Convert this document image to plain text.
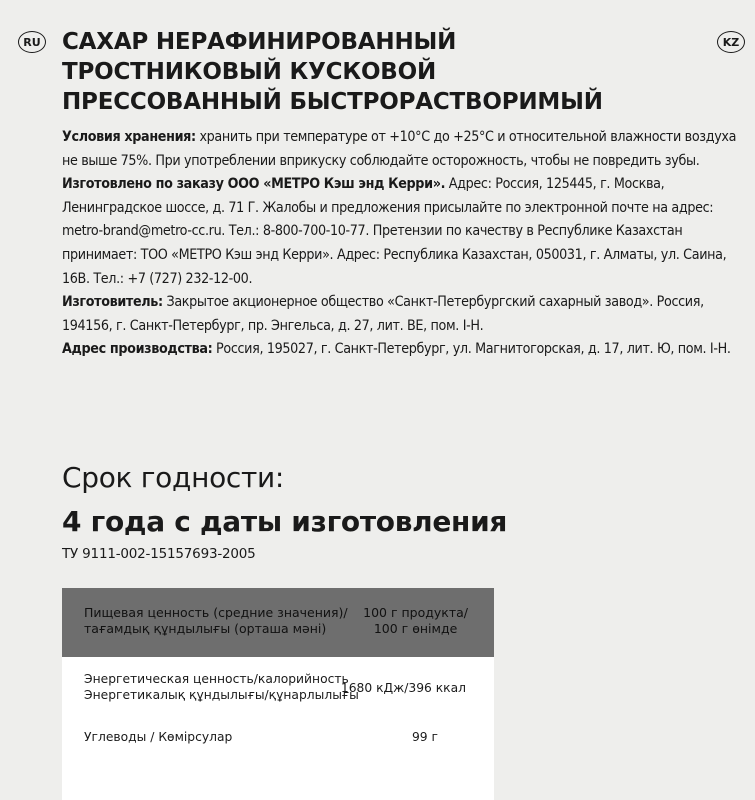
RU	KZ
САХАР НЕРАФИНИРОВАННЫЙ
ТРОСТНИКОВЫЙ КУСКОВОЙ
ПРЕССОВАННЫЙ БЫСТРОРАСТВОРИМЫЙ

Условия хранения: хранить при температуре от +10°C до +25°C и относительной влажности воздуха не выше 75%. При употреблении вприкуску соблюдайте осторожность, чтобы не повредить зубы.

Изготовлено по заказу ООО «МЕТРО Кэш энд Керри». Адрес: Россия, 125445, г. Москва, Ленинградское шоссе, д. 71 Г. Жалобы и предложения присылайте по электронной почте на адрес: metro-brand@metro-cc.ru. Тел.: 8-800-700-10-77. Претензии по качеству в Республике Казахстан принимает: ТОО «МЕТРО Кэш энд Керри». Адрес: Республика Казахстан, 050031, г. Алматы, ул. Саина, 16В. Тел.: +7 (727) 232-12-00.

Изготовитель: Закрытое акционерное общество «Санкт-Петербургский сахарный завод». Россия, 194156, г. Санкт-Петербург, пр. Энгельса, д. 27, лит. ВЕ, пом. I-Н.

Адрес производства: Россия, 195027, г. Санкт-Петербург, ул. Магнитогорская, д. 17, лит. Ю, пом. I-Н.

Срок годности:
4 года с даты изготовления
ТУ 9111-002-15157693-2005
Пищевая ценность (средние значения)/
тағамдық құндылығы (орташа мәні)
100 г продукта/
100 г өнімде
Энергетическая ценность/калорийность
Энергетикалық құндылығы/құнарлылығы
1680 кДж/396 ккал
Углеводы / Көмірсулар	99 г
